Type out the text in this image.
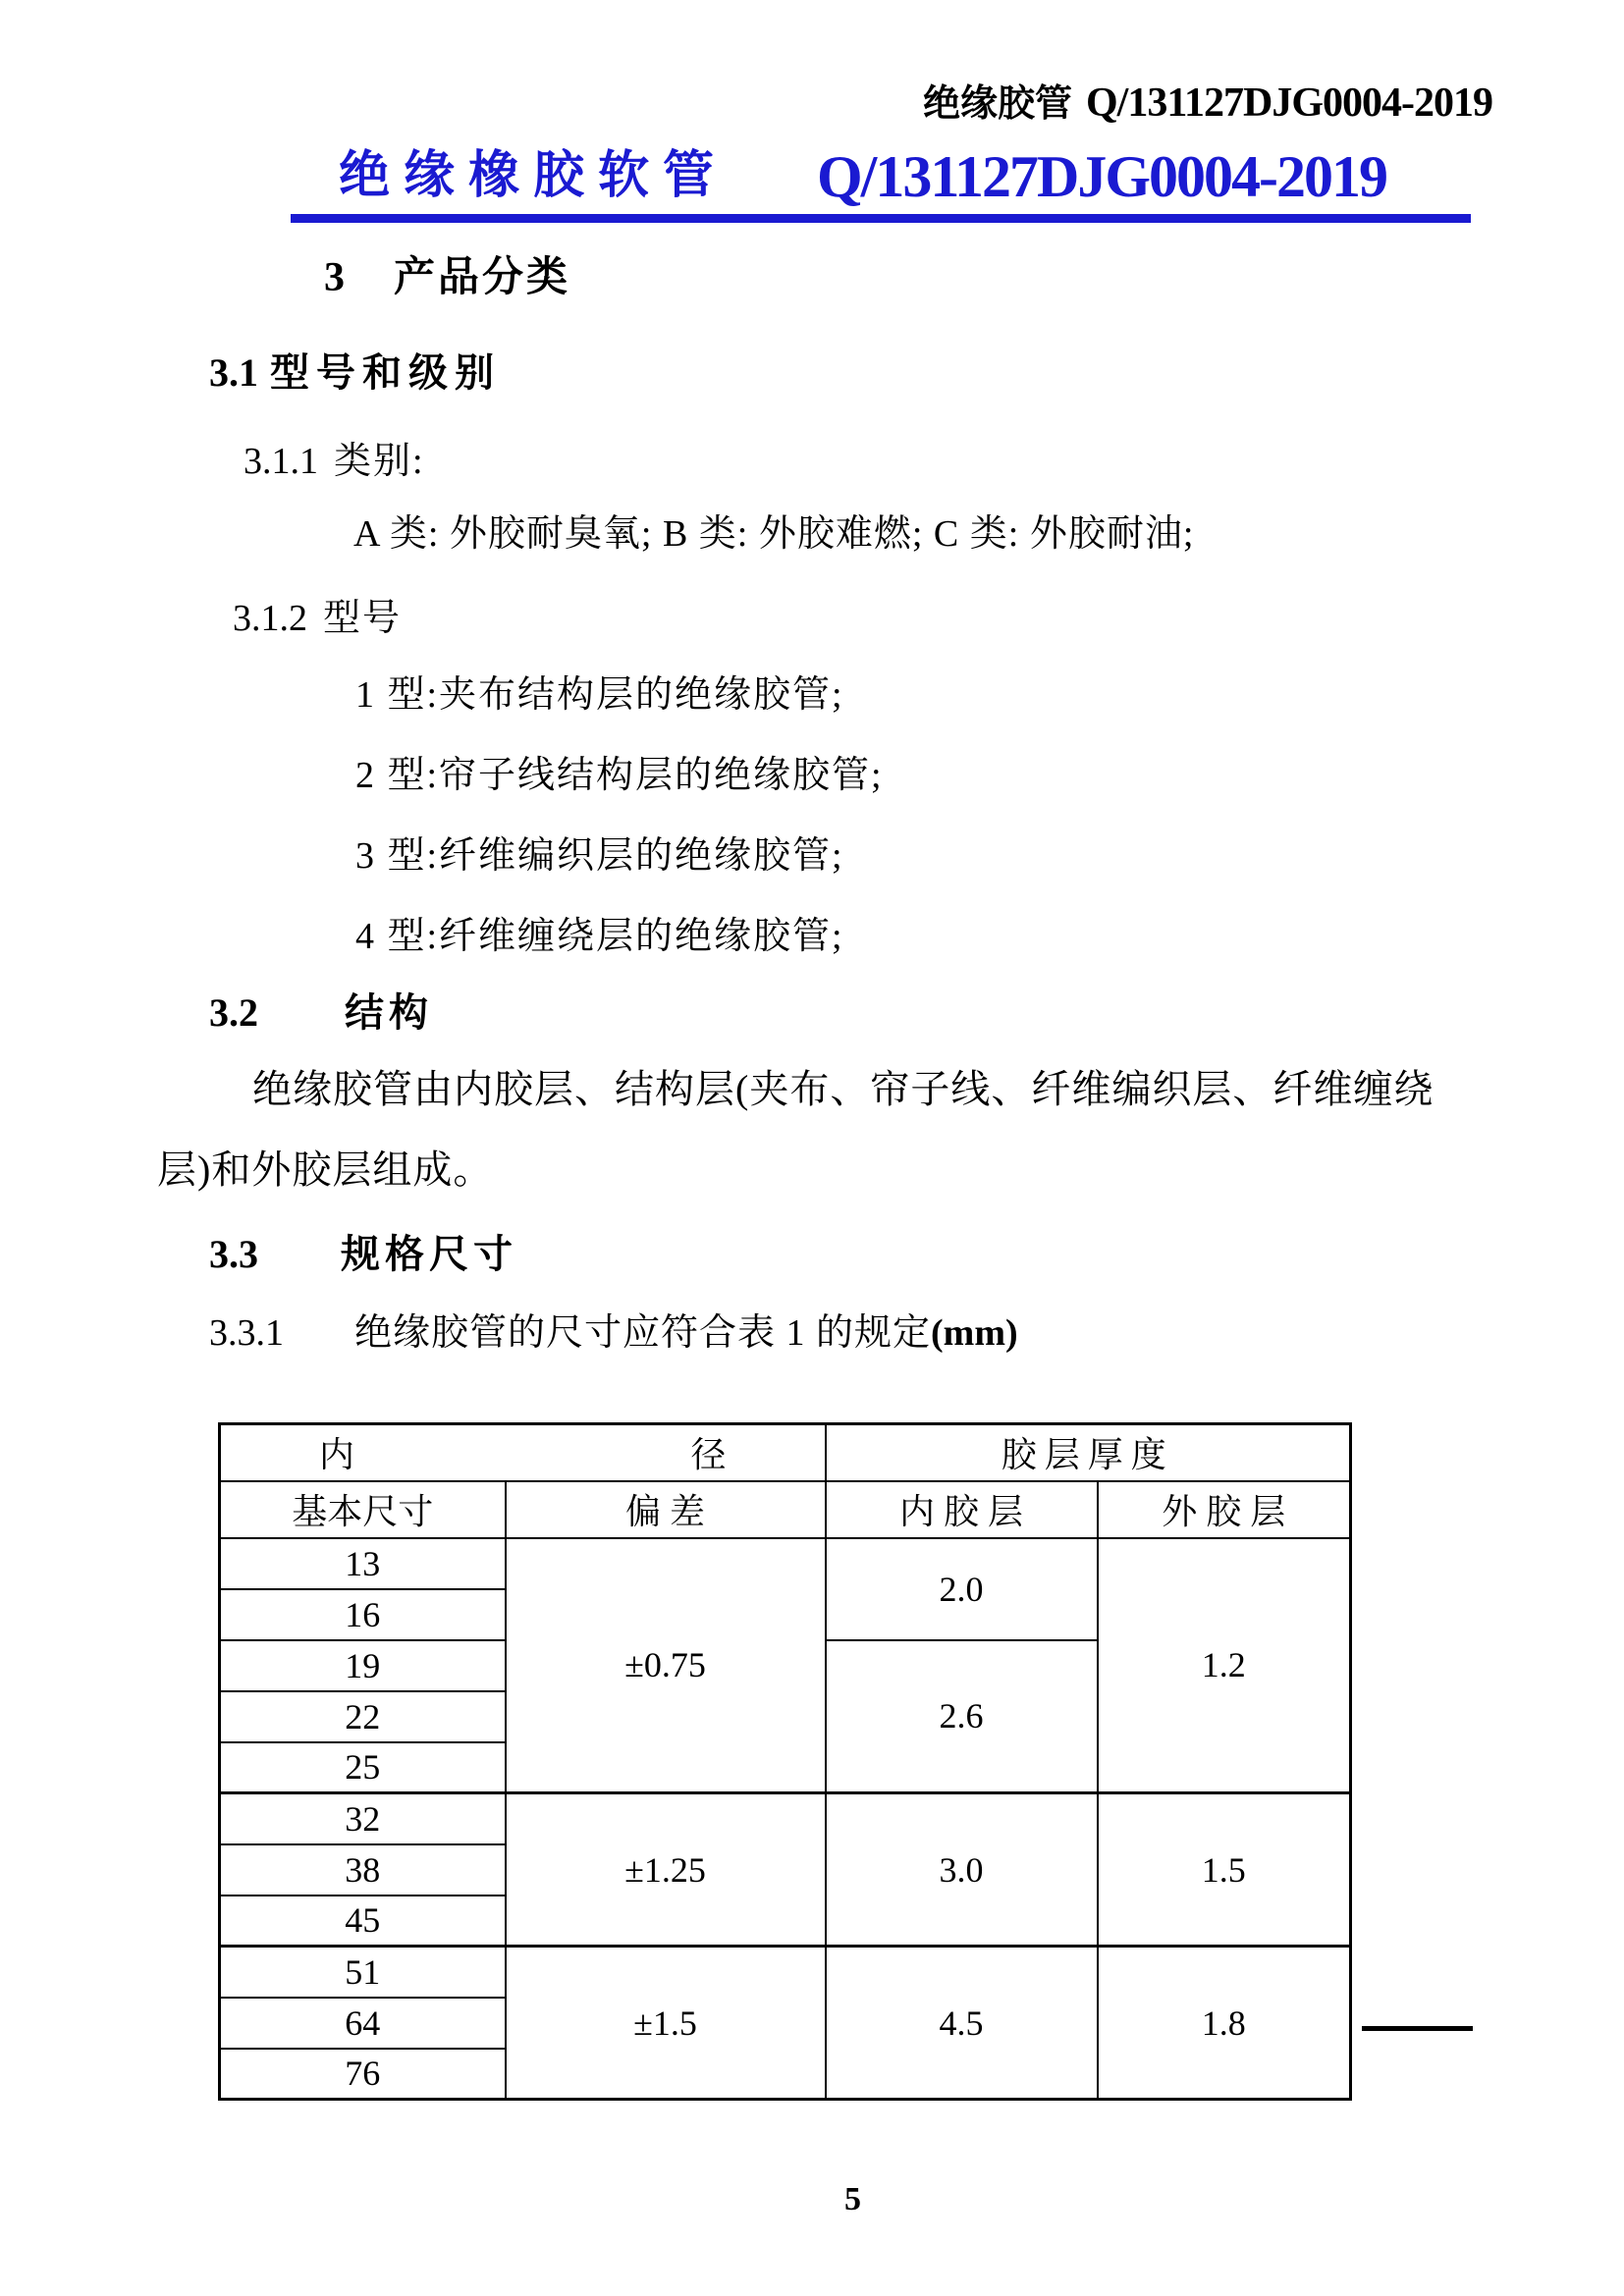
绝缘胶管 Q/131127DJG0004-2019
绝缘橡胶软管 Q/131127DJG0004-2019
3 产品分类
3.1 型号和级别
3.1.1 类别:
A 类: 外胶耐臭氧; B 类: 外胶难燃; C 类: 外胶耐油;
3.1.2 型号
1 型:夹布结构层的绝缘胶管;
2 型:帘子线结构层的绝缘胶管;
3 型:纤维编织层的绝缘胶管;
4 型:纤维缠绕层的绝缘胶管;
3.2 结构
绝缘胶管由内胶层、结构层(夹布、帘子线、纤维编织层、纤维缠绕
层)和外胶层组成。
3.3 规格尺寸
3.3.1 绝缘胶管的尺寸应符合表 1 的规定(mm)
内 径		胶层厚度	
基本尺寸	偏 差	内 胶 层	外 胶 层
13	±0.75	2.0	1.2
16			
19		2.6	
22			
25			
32	±1.25	3.0	1.5
38			
45			
51	±1.5	4.5	1.8
64			
76			
5
